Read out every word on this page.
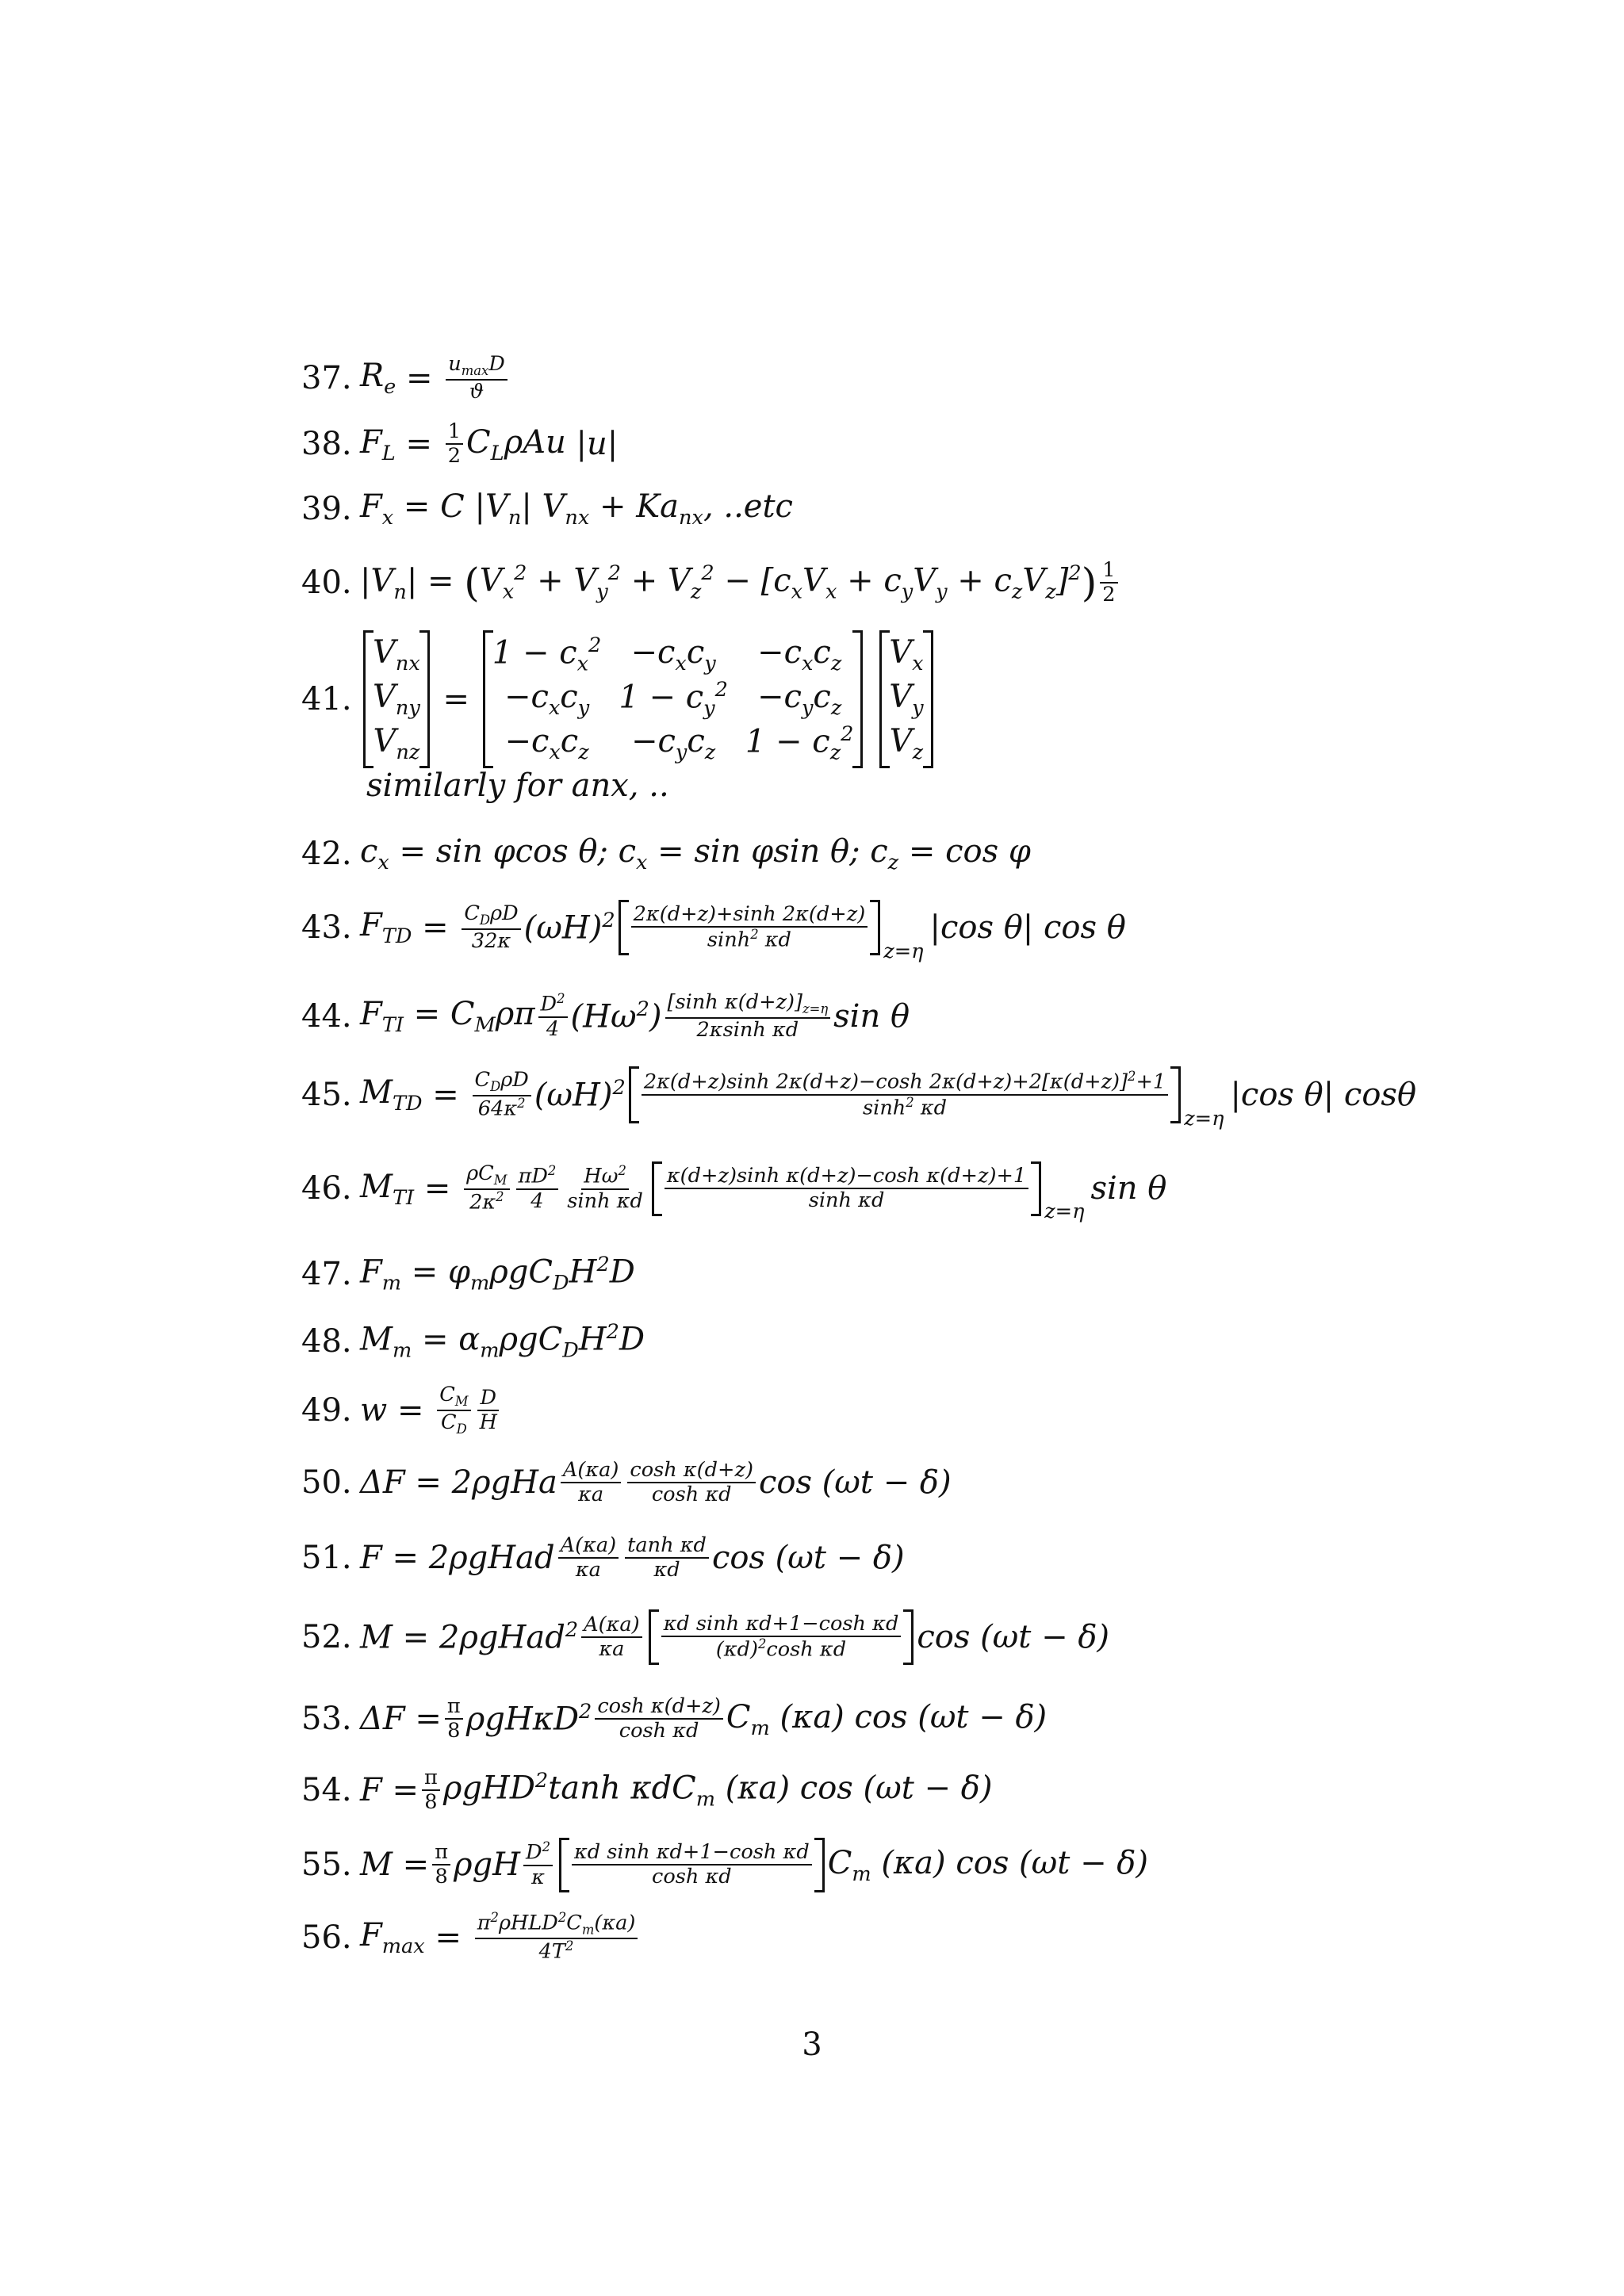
37. $R_e = \frac{u_{max}D}{ϑ}$
38. $F_L = \frac{1}{2} C_L\rho Au$
|u|
39. $F_x = C$ $|V_n|$ $V_{nx} + Ka_{nx}$, ..etc
40. $|V_n|$ = ( $V_x^2 + V_y^2 + V_z^2 - [c_xV_x + c_yV_y + c_zV_z]^2$ ) $\frac{1}{2}$
41.
$V_{nx}$
$V_{ny}$
$V_{nz}$
=
$1 - c_x^2 -c_xc_y$	$-c_xc_z$
$-c_xc_y$ $1 - c_y^2 -c_yc_z$
$-c_xc_z$	$-c_yc_z$ $1 - c_z^2$

$V_x$
$V_y$
$V_z$
similarly for anx, ..
42. $c_x = \sin \varphi\cos$ θ; $c_x = \sin \varphi\sin$ θ; $c_z = \cos \varphi$
43. $F_{TD} = \frac{C_D\rho D}{32\kappa} (\omega H)^2 \frac{2\kappa(d+z)+\sinh 2\kappa(d+z)}{\sinh^2 \kappa d} z=\eta$
|cos θ| cos θ
44. $F_{TI} = C_M\rho\pi \frac{D^2}{4} (H\omega^2) \frac{[\sinh \kappa(d+z)]_{z=\eta}}{\text{2κsinh κd}}$ sin θ
45. $M_{TD} = \frac{C_D\rho D}{64\kappa^2} (\omega H)^2 \frac{2\kappa(d+z)\sinh 2\kappa(d+z)-\cosh 2\kappa(d+z)+2[\kappa(d+z)]^2+1}{\sinh^2 \kappa d} z=\eta$
|cos θ| cosθ
46. $M_{TI} = \frac{\rho C_M}{2\kappa^2} \frac{\pi D^2}{4} \frac{H\omega^2}{\text{sinh κd}} \frac{\text{κ(d+z)sinh κ(d+z)−cosh κ(d+z)+1}}{\text{sinh κd}} z=\eta$
sin θ
47. $F_m = \varphi_m\rho gC_DH^2D$
48. $M_m = \alpha_m\rho gC_DH^2D$
49. $w = \frac{C_M}{C_D} \frac{D}{H}$
50. $\Delta F = 2\rho gHa \frac{A(\kappa a)}{\kappa a} \frac{\text{cosh κ(d+z)}}{\text{cosh κd}}$ cos (ωt − δ)
51. F = 2ρgHad $\frac{A(\kappa a)}{\kappa a} \frac{\text{tanh κd}}{\kappa d}$ cos (ωt − δ)
52. M = 2ρgHad$^2$ $\frac{A(\kappa a)}{\kappa a} \frac{\text{κd sinh κd+1−cosh κd}}{(\kappa d)^2\cosh \kappa d}$ cos (ωt − δ)
53. $\Delta F = \frac{\pi}{8} \rho gH\kappa D^2 \frac{\text{cosh κ(d+z)}}{\text{cosh κd}} C_m$ (κa) cos (ωt − δ)
54. $F = \frac{\pi}{8} \rho gHD^2\tanh$ κdC$_m$ (κa) cos (ωt − δ)
55. $M = \frac{\pi}{8}$ ρgH $\frac{D^2}{\kappa} \frac{\text{κd sinh κd+1−cosh κd}}{\text{cosh κd}} C_m$ (κa) cos (ωt − δ)
56. $F_{max} = \frac{\pi^2\rho HLD^2C_m(\kappa a)}{4T^2}$
3
